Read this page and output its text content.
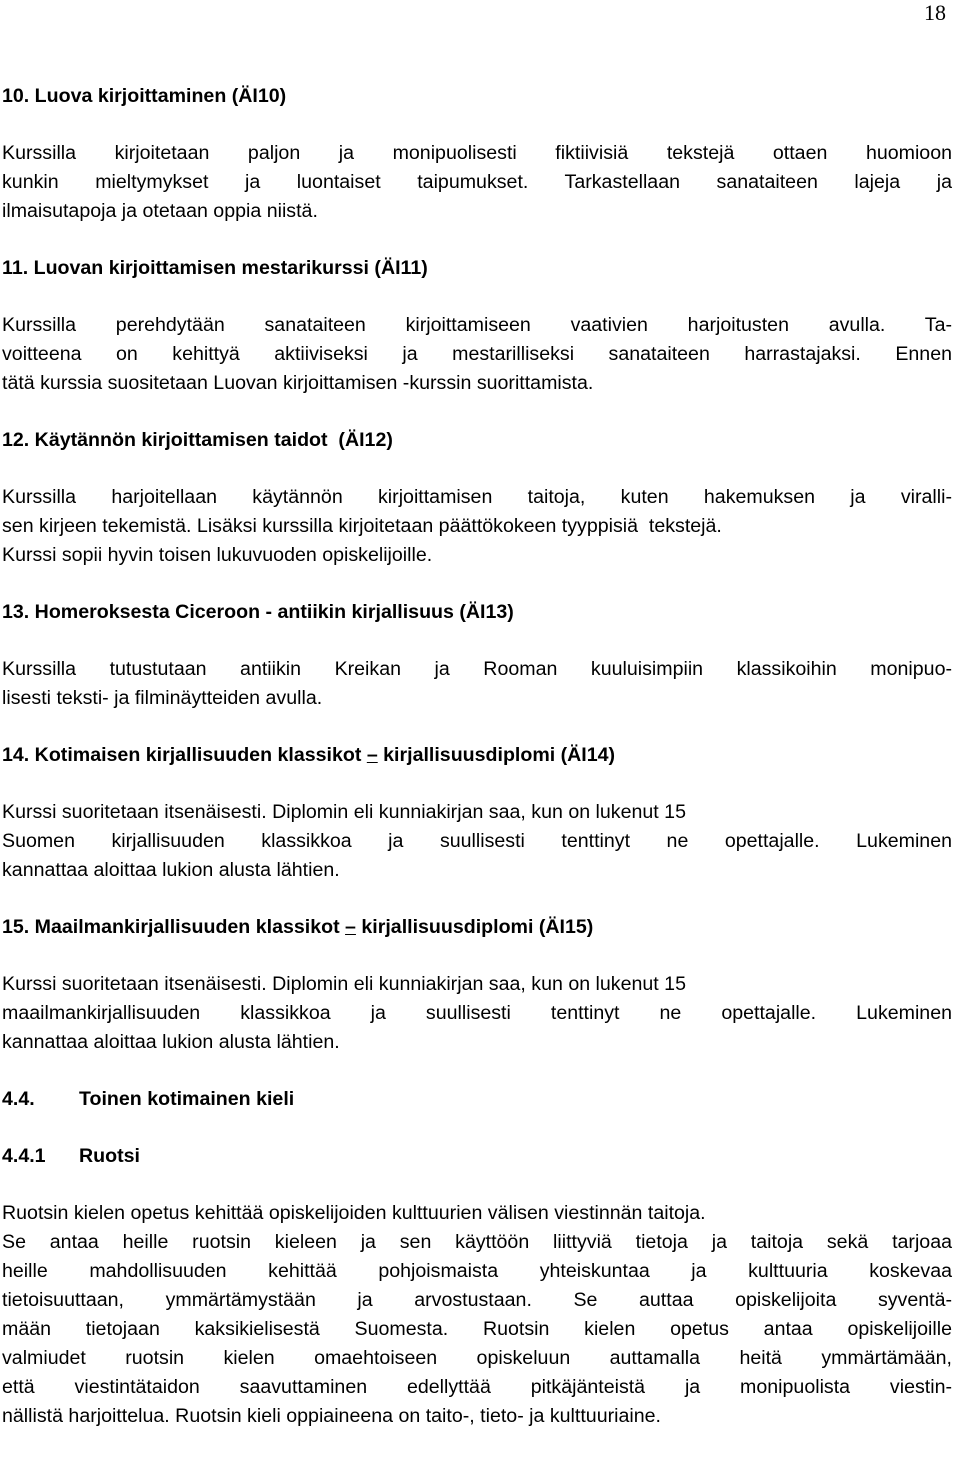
18
10. Luova kirjoittaminen (ÄI10)
Kurssilla kirjoitetaan paljon ja monipuolisesti fiktiivisiä tekstejä ottaen huomioon
kunkin mieltymykset ja luontaiset taipumukset. Tarkastellaan sanataiteen lajeja ja
ilmaisutapoja ja otetaan oppia niistä.
11. Luovan kirjoittamisen mestarikurssi (ÄI11)
Kurssilla perehdytään sanataiteen kirjoittamiseen vaativien harjoitusten avulla. Ta-
voitteena on kehittyä aktiiviseksi ja mestarilliseksi sanataiteen harrastajaksi. Ennen
tätä kurssia suositetaan Luovan kirjoittamisen -kurssin suorittamista.
12. Käytännön kirjoittamisen taidot  (ÄI12)
Kurssilla harjoitellaan käytännön kirjoittamisen taitoja, kuten hakemuksen ja viralli-
sen kirjeen tekemistä. Lisäksi kurssilla kirjoitetaan päättökokeen tyyppisiä  tekstejä.
Kurssi sopii hyvin toisen lukuvuoden opiskelijoille.
13. Homeroksesta Ciceroon - antiikin kirjallisuus (ÄI13)
Kurssilla tutustutaan antiikin Kreikan ja Rooman kuuluisimpiin klassikoihin monipuo-
lisesti teksti- ja filminäytteiden avulla.
14. Kotimaisen kirjallisuuden klassikot – kirjallisuusdiplomi (ÄI14)
Kurssi suoritetaan itsenäisesti. Diplomin eli kunniakirjan saa, kun on lukenut 15
Suomen kirjallisuuden klassikkoa ja suullisesti tenttinyt ne opettajalle. Lukeminen
kannattaa aloittaa lukion alusta lähtien.
15. Maailmankirjallisuuden klassikot – kirjallisuusdiplomi (ÄI15)
Kurssi suoritetaan itsenäisesti. Diplomin eli kunniakirjan saa, kun on lukenut 15
maailmankirjallisuuden klassikkoa ja suullisesti tenttinyt ne opettajalle. Lukeminen
kannattaa aloittaa lukion alusta lähtien.
4.4. Toinen kotimainen kieli
4.4.1 Ruotsi
Ruotsin kielen opetus kehittää opiskelijoiden kulttuurien välisen viestinnän taitoja.
Se antaa heille ruotsin kieleen ja sen käyttöön liittyviä tietoja ja taitoja sekä tarjoaa
heille mahdollisuuden kehittää pohjoismaista yhteiskuntaa ja kulttuuria koskevaa
tietoisuuttaan, ymmärtämystään ja arvostustaan. Se auttaa opiskelijoita syventä-
mään tietojaan kaksikielisestä Suomesta. Ruotsin kielen opetus antaa opiskelijoille
valmiudet ruotsin kielen omaehtoiseen opiskeluun auttamalla heitä ymmärtämään,
että viestintätaidon saavuttaminen edellyttää pitkäjänteistä ja monipuolista viestin-
nällistä harjoittelua. Ruotsin kieli oppiaineena on taito-, tieto- ja kulttuuriaine.
